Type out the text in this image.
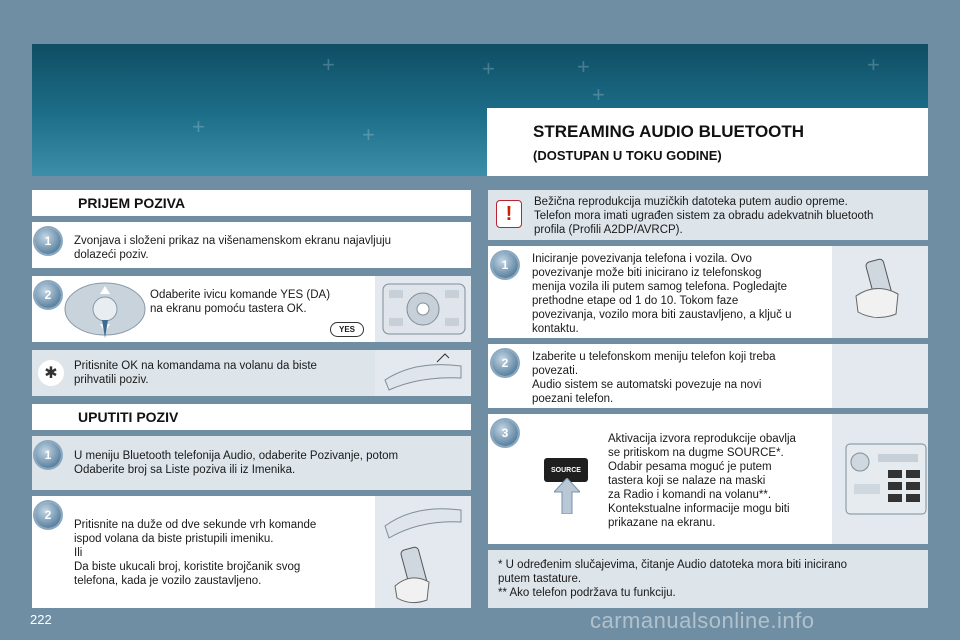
+	+	+	+
+	+
+
STREAMING AUDIO BLUETOOTH
(DOSTUPAN U TOKU GODINE)
PRIJEM POZIVA
1	Zvonjava i složeni prikaz na višenamenskom ekranu najavljuju
dolazeći poziv.
2	Odaberite ivicu komande YES (DA)
na ekranu pomoću tastera OK.
YES
✱	Pritisnite OK na komandama na volanu da biste
prihvatili poziv.
UPUTITI POZIV
1	U meniju Bluetooth telefonija Audio, odaberite Pozivanje, potom
Odaberite broj sa Liste poziva ili iz Imenika.
2
Pritisnite na duže od dve sekunde vrh komande
ispod volana da biste pristupili imeniku.
Ili
Da biste ukucali broj, koristite brojčanik svog
telefona, kada je vozilo zaustavljeno.
!
Bežična reprodukcija muzičkih datoteka putem audio opreme.
Telefon mora imati ugrađen sistem za obradu adekvatnih bluetooth
profila (Profili A2DP/AVRCP).
1	Iniciranje povezivanja telefona i vozila. Ovo
povezivanje može biti inicirano iz telefonskog
menija vozila ili putem samog telefona. Pogledajte
prethodne etape od 1 do 10. Tokom faze
povezivanja, vozilo mora biti zaustavljeno, a ključ u
kontaktu.
2	Izaberite u telefonskom meniju telefon koji treba
povezati.
Audio sistem se automatski povezuje na novi
poezani telefon.
3
SOURCE
Aktivacija izvora reprodukcije obavlja
se pritiskom na dugme SOURCE*.
Odabir pesama moguć je putem
tastera koji se nalaze na maski
za Radio i komandi na volanu**.
Kontekstualne informacije mogu biti
prikazane na ekranu.
* U određenim slučajevima, čitanje Audio datoteka mora biti inicirano
putem tastature.
** Ako telefon podržava tu funkciju.
222	carmanualsonline.info
